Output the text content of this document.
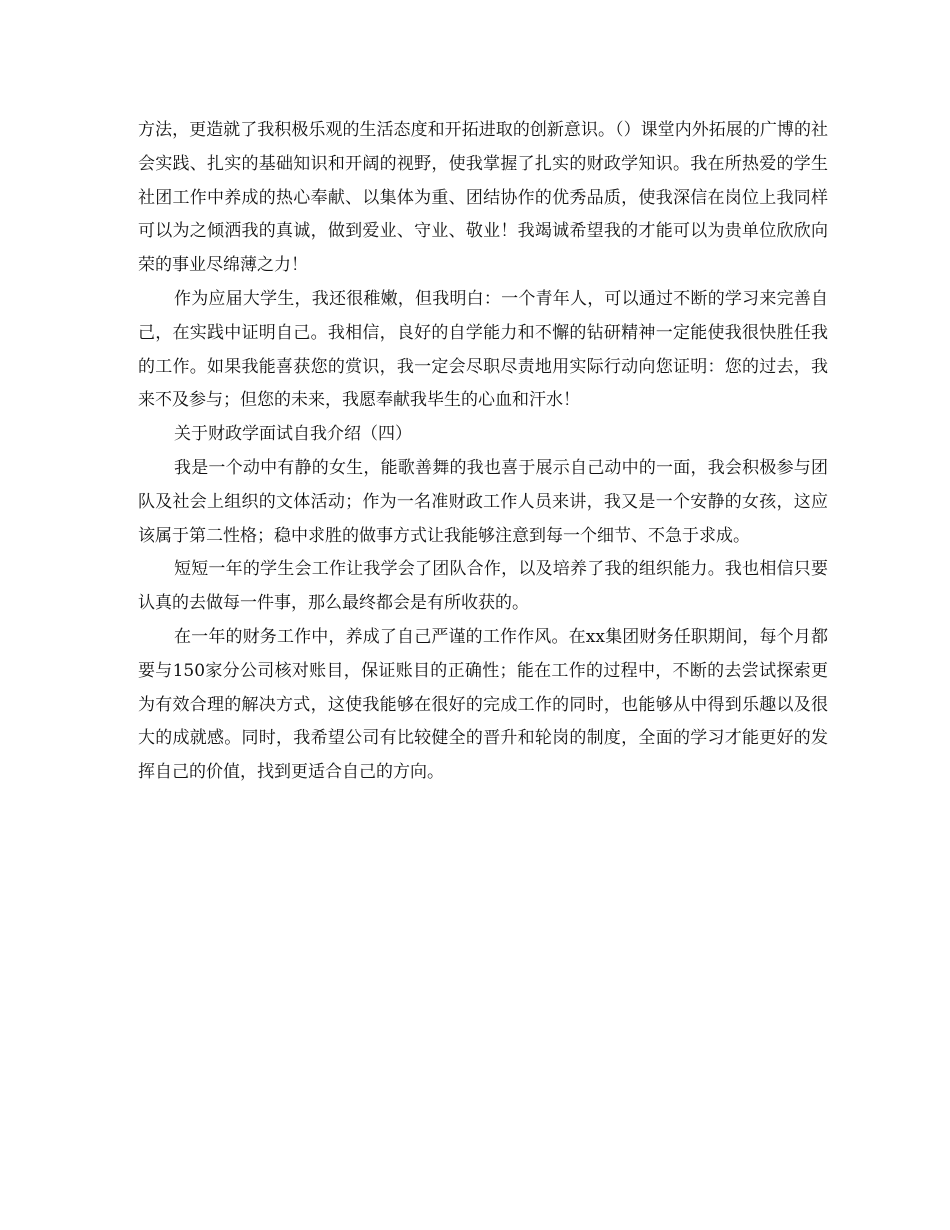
方法，更造就了我积极乐观的生活态度和开拓进取的创新意识。（）课堂内外拓展的广博的社会实践、扎实的基础知识和开阔的视野，使我掌握了扎实的财政学知识。我在所热爱的学生社团工作中养成的热心奉献、以集体为重、团结协作的优秀品质，使我深信在岗位上我同样可以为之倾洒我的真诚，做到爱业、守业、敬业！我竭诚希望我的才能可以为贵单位欣欣向荣的事业尽绵薄之力！

作为应届大学生，我还很稚嫩，但我明白：一个青年人，可以通过不断的学习来完善自己，在实践中证明自己。我相信，良好的自学能力和不懈的钻研精神一定能使我很快胜任我的工作。如果我能喜获您的赏识，我一定会尽职尽责地用实际行动向您证明：您的过去，我来不及参与；但您的未来，我愿奉献我毕生的心血和汗水！

关于财政学面试自我介绍（四）

我是一个动中有静的女生，能歌善舞的我也喜于展示自己动中的一面，我会积极参与团队及社会上组织的文体活动；作为一名准财政工作人员来讲，我又是一个安静的女孩，这应该属于第二性格；稳中求胜的做事方式让我能够注意到每一个细节、不急于求成。

短短一年的学生会工作让我学会了团队合作，以及培养了我的组织能力。我也相信只要认真的去做每一件事，那么最终都会是有所收获的。

在一年的财务工作中，养成了自己严谨的工作作风。在xx集团财务任职期间，每个月都要与150家分公司核对账目，保证账目的正确性；能在工作的过程中，不断的去尝试探索更为有效合理的解决方式，这使我能够在很好的完成工作的同时，也能够从中得到乐趣以及很大的成就感。同时，我希望公司有比较健全的晋升和轮岗的制度，全面的学习才能更好的发挥自己的价值，找到更适合自己的方向。
